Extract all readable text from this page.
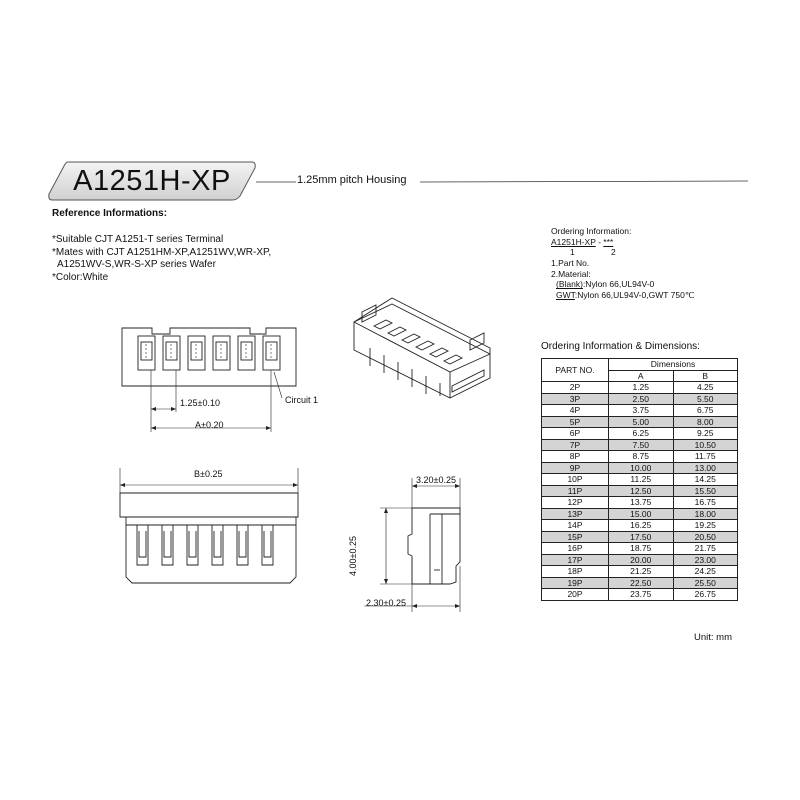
A1251H-XP	1.25mm pitch Housing
Reference Informations:
*Suitable CJT A1251-T series Terminal
*Mates with CJT A1251HM-XP,A1251WV,WR-XP,
A1251WV-S,WR-S-XP series Wafer
*Color:White
Ordering Information:
A1251H-XP - ***
1	2
1.Part No.
2.Material:
(Blank):Nylon 66,UL94V-0
GWT:Nylon 66,UL94V-0,GWT 750℃
1.25±0.10
A±0.20
Circuit 1
B±0.25
3.20±0.25
4.00±0.25
2.30±0.25
Ordering Information & Dimensions:
PART NO.	Dimensions	
	A	B
2P	1.25	4.25
3P	2.50	5.50
4P	3.75	6.75
5P	5.00	8.00
6P	6.25	9.25
7P	7.50	10.50
8P	8.75	11.75
9P	10.00	13.00
10P	11.25	14.25
11P	12.50	15.50
12P	13.75	16.75
13P	15.00	18.00
14P	16.25	19.25
15P	17.50	20.50
16P	18.75	21.75
17P	20.00	23.00
18P	21.25	24.25
19P	22.50	25.50
20P	23.75	26.75
Unit: mm
